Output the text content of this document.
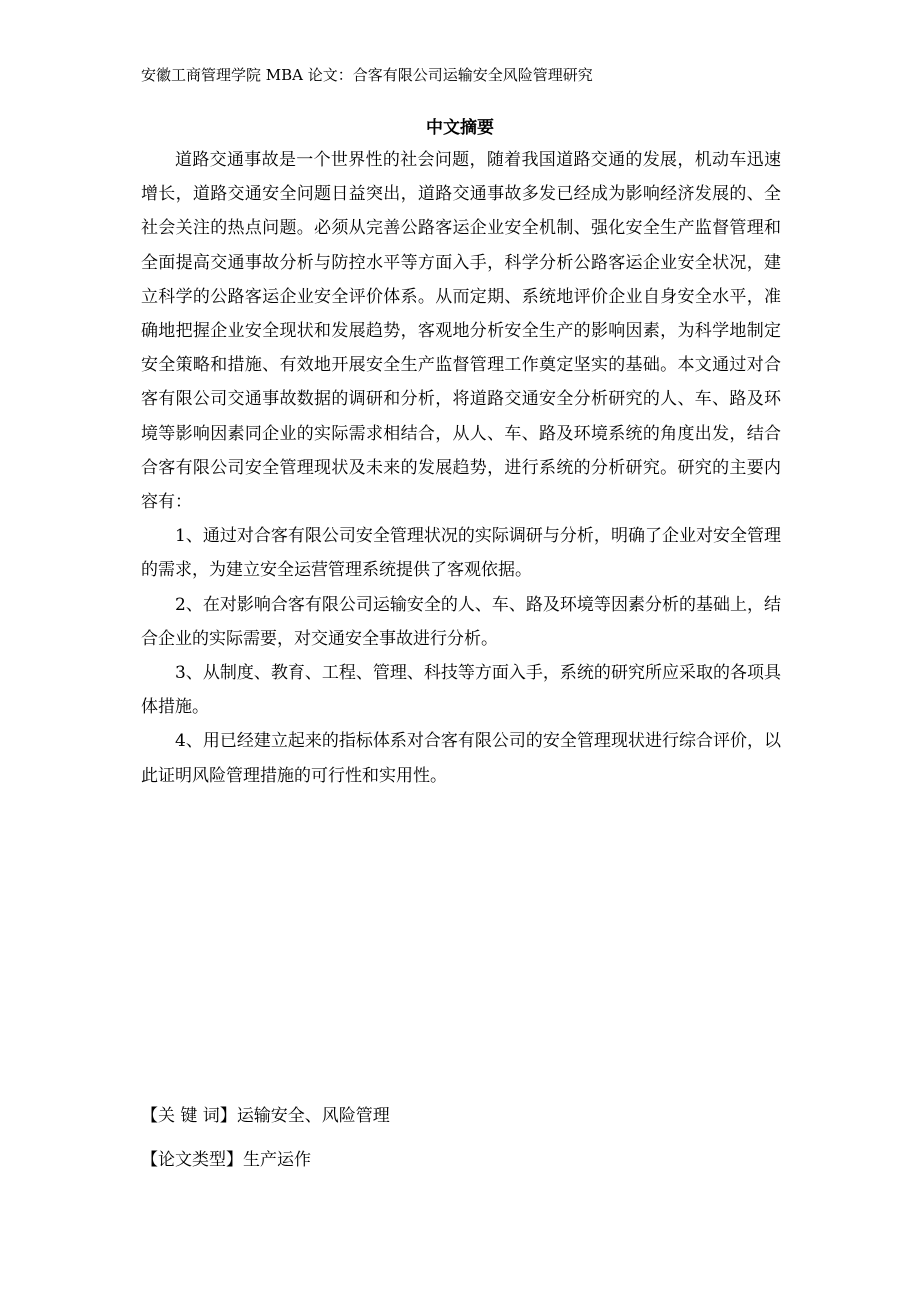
安徽工商管理学院 MBA 论文：合客有限公司运输安全风险管理研究
中文摘要

道路交通事故是一个世界性的社会问题，随着我国道路交通的发展，机动车迅速增长，道路交通安全问题日益突出，道路交通事故多发已经成为影响经济发展的、全社会关注的热点问题。必须从完善公路客运企业安全机制、强化安全生产监督管理和全面提高交通事故分析与防控水平等方面入手，科学分析公路客运企业安全状况，建立科学的公路客运企业安全评价体系。从而定期、系统地评价企业自身安全水平，准确地把握企业安全现状和发展趋势，客观地分析安全生产的影响因素，为科学地制定安全策略和措施、有效地开展安全生产监督管理工作奠定坚实的基础。本文通过对合客有限公司交通事故数据的调研和分析，将道路交通安全分析研究的人、车、路及环境等影响因素同企业的实际需求相结合，从人、车、路及环境系统的角度出发，结合合客有限公司安全管理现状及未来的发展趋势，进行系统的分析研究。研究的主要内容有：

1、通过对合客有限公司安全管理状况的实际调研与分析，明确了企业对安全管理的需求，为建立安全运营管理系统提供了客观依据。

2、在对影响合客有限公司运输安全的人、车、路及环境等因素分析的基础上，结合企业的实际需要，对交通安全事故进行分析。

3、从制度、教育、工程、管理、科技等方面入手，系统的研究所应采取的各项具体措施。

4、用已经建立起来的指标体系对合客有限公司的安全管理现状进行综合评价，以此证明风险管理措施的可行性和实用性。

【关 键 词】运输安全、风险管理
【论文类型】生产运作
